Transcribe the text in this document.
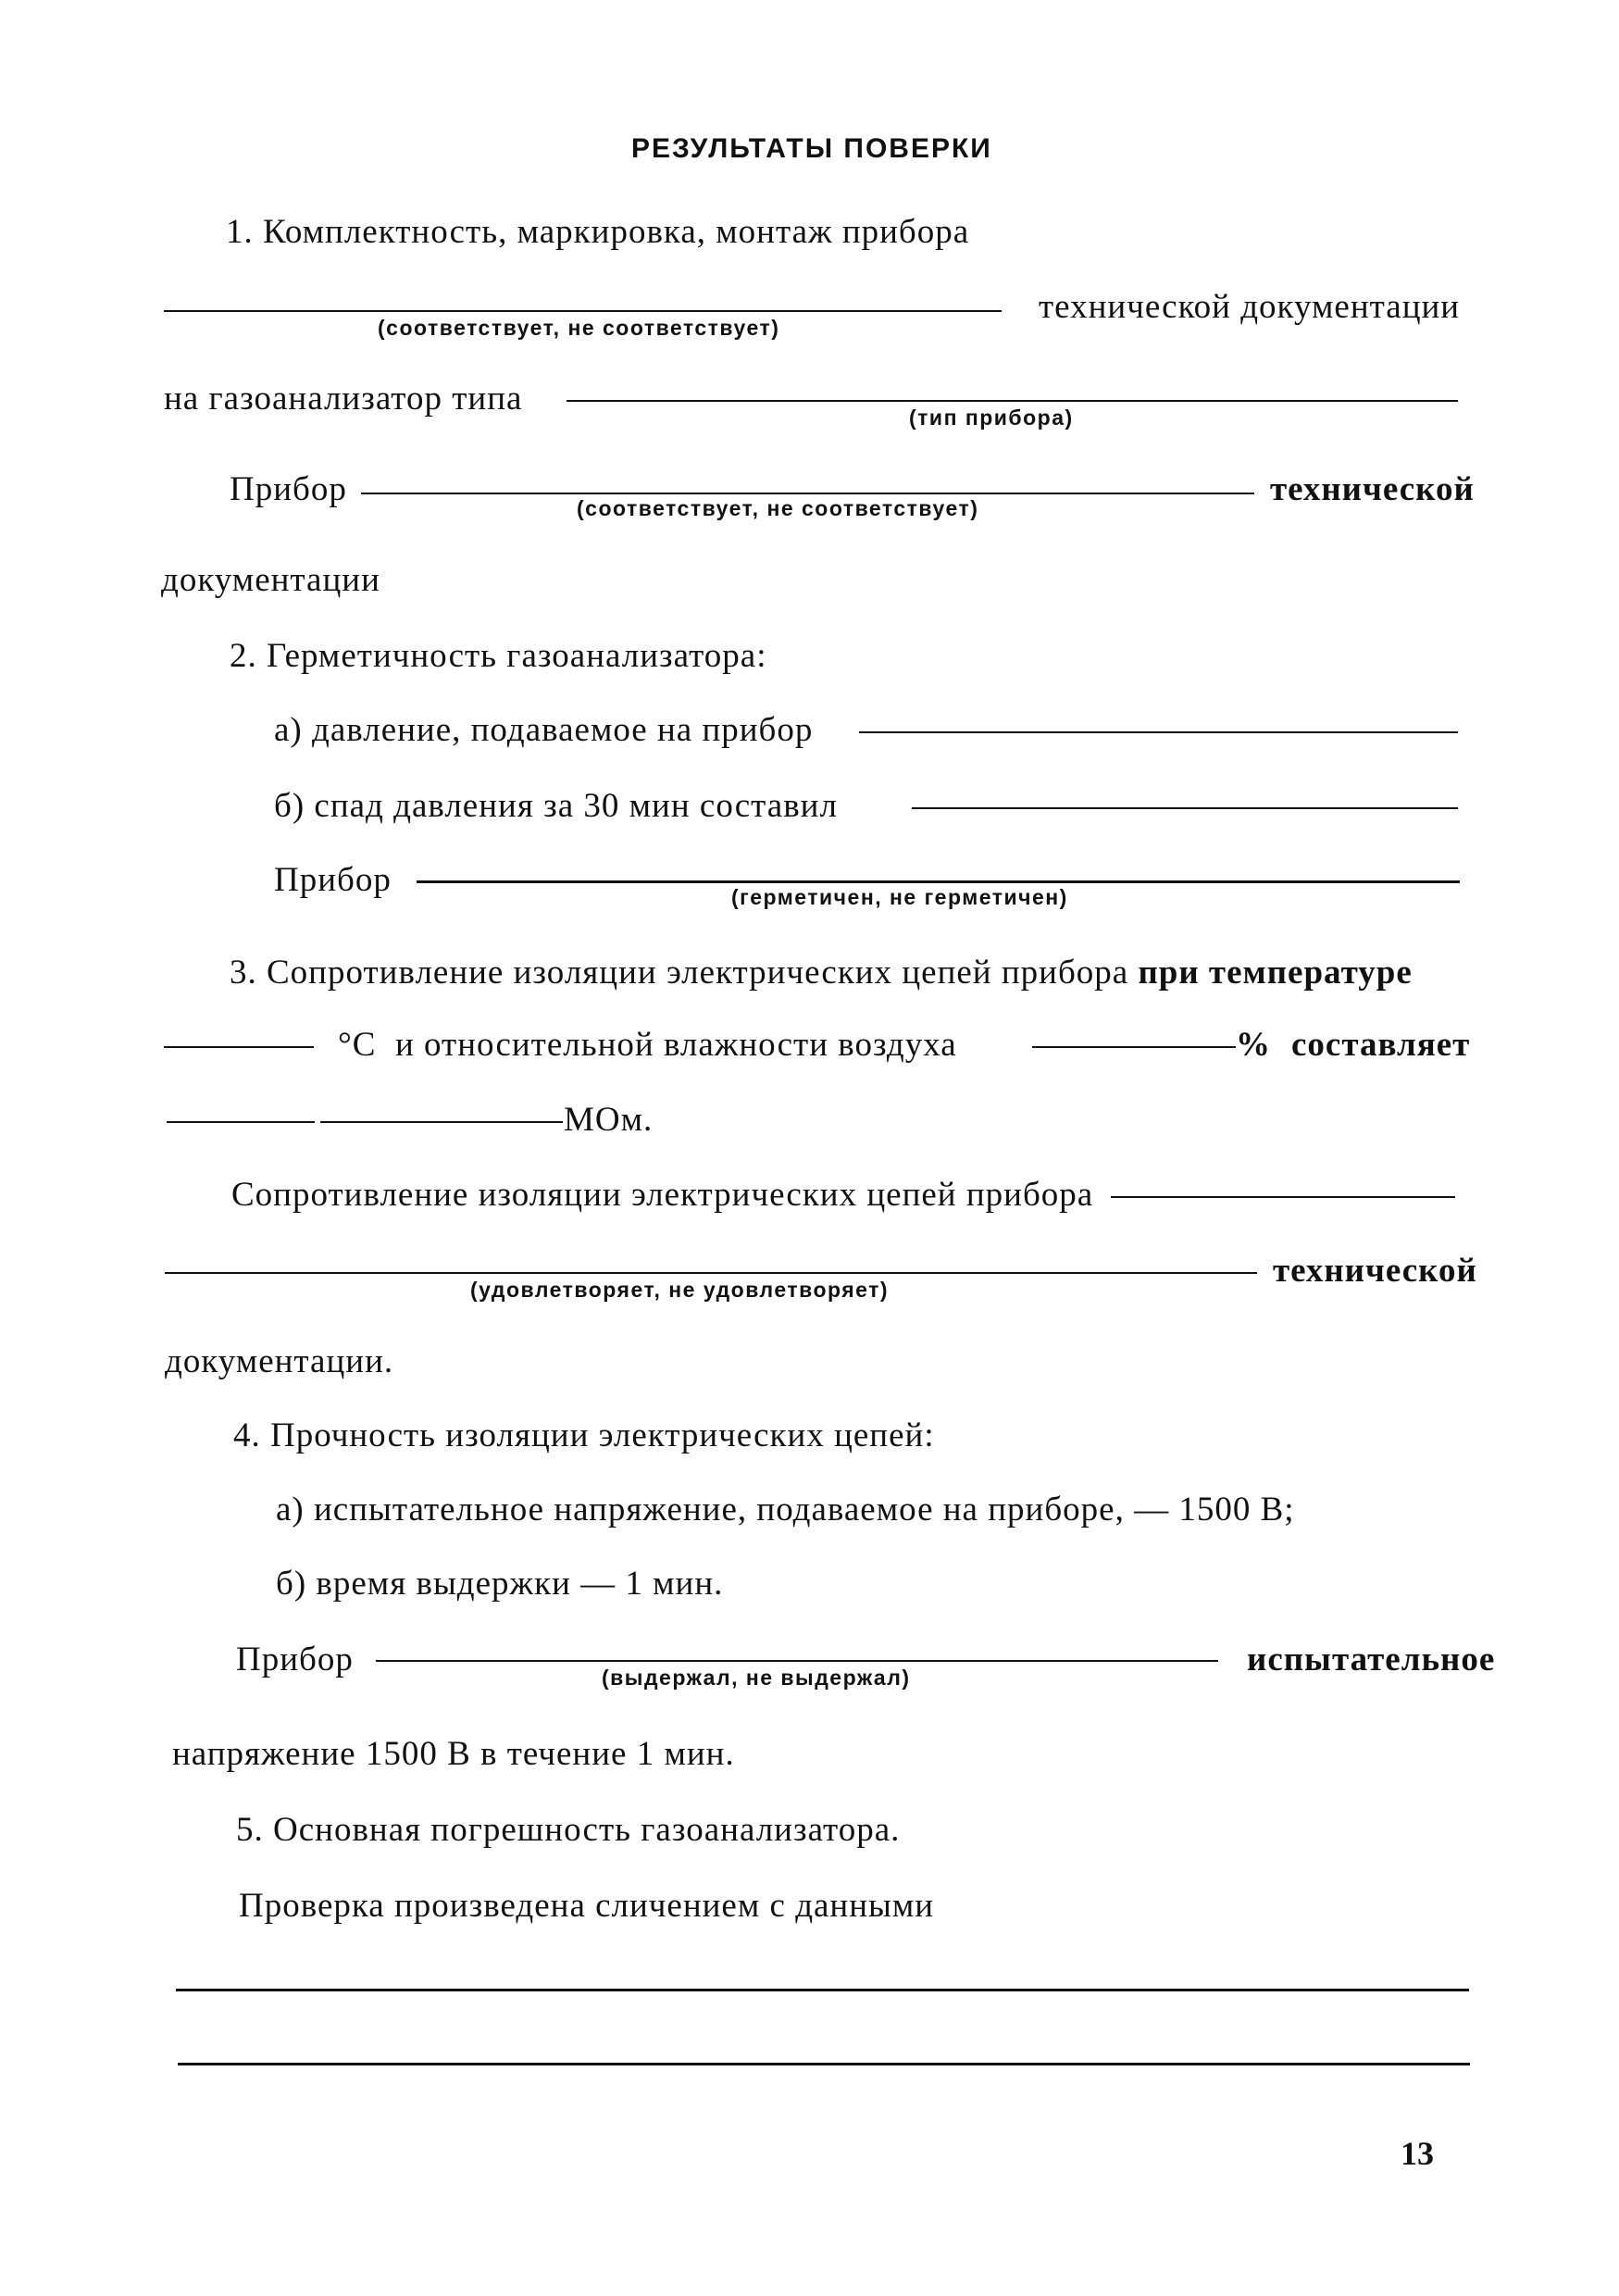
РЕЗУЛЬТАТЫ ПОВЕРКИ
1. Комплектность, маркировка, монтаж прибора
(соответствует, не соответствует)
технической документации
на газоанализатор типа	(тип прибора)
Прибор	(соответствует, не соответствует)	технической
документации
2. Герметичность газоанализатора:
а) давление, подаваемое на прибор
б) спад давления за 30 мин составил
Прибор	(герметичен, не герметичен)
3. Сопротивление изоляции электрических цепей прибора при температуре
°С и относительной влажности воздуха	% составляет
МОм.
Сопротивление изоляции электрических цепей прибора
(удовлетворяет, не удовлетворяет)	технической
документации.
4. Прочность изоляции электрических цепей:
а) испытательное напряжение, подаваемое на приборе, — 1500 В;
б) время выдержки — 1 мин.
Прибор	(выдержал, не выдержал)	испытательное
напряжение 1500 В в течение 1 мин.
5. Основная погрешность газоанализатора.
Проверка произведена сличением с данными
13
